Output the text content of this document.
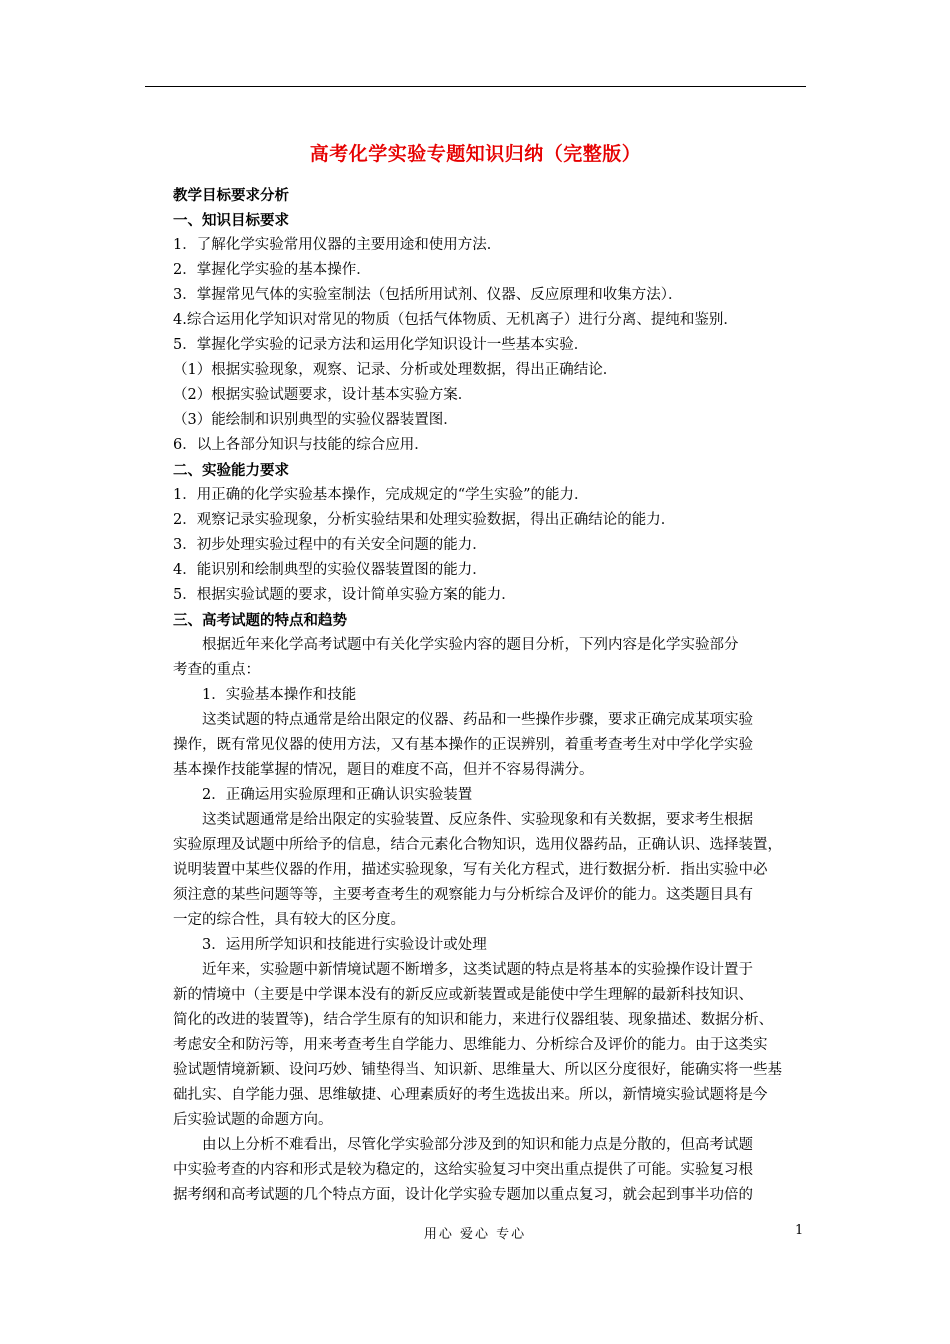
高考化学实验专题知识归纳（完整版）
教学目标要求分析
一、知识目标要求
1．了解化学实验常用仪器的主要用途和使用方法．
2．掌握化学实验的基本操作．
3．掌握常见气体的实验室制法（包括所用试剂、仪器、反应原理和收集方法）．
4.综合运用化学知识对常见的物质（包括气体物质、无机离子）进行分离、提纯和鉴别．
5．掌握化学实验的记录方法和运用化学知识设计一些基本实验．
（1）根据实验现象，观察、记录、分析或处理数据，得出正确结论．
（2）根据实验试题要求，设计基本实验方案．
（3）能绘制和识别典型的实验仪器装置图．
6．以上各部分知识与技能的综合应用．
二、实验能力要求
1．用正确的化学实验基本操作，完成规定的“学生实验”的能力．
2．观察记录实验现象，分析实验结果和处理实验数据，得出正确结论的能力．
3．初步处理实验过程中的有关安全问题的能力．
4．能识别和绘制典型的实验仪器装置图的能力．
5．根据实验试题的要求，设计简单实验方案的能力．
三、高考试题的特点和趋势
根据近年来化学高考试题中有关化学实验内容的题目分析，下列内容是化学实验部分
考查的重点：
1．实验基本操作和技能
这类试题的特点通常是给出限定的仪器、药品和一些操作步骤，要求正确完成某项实验
操作，既有常见仪器的使用方法，又有基本操作的正误辨别，着重考查考生对中学化学实验
基本操作技能掌握的情况，题目的难度不高，但并不容易得满分。
2．正确运用实验原理和正确认识实验装置
这类试题通常是给出限定的实验装置、反应条件、实验现象和有关数据，要求考生根据
实验原理及试题中所给予的信息，结合元素化合物知识，选用仪器药品，正确认识、选择装置，
说明装置中某些仪器的作用，描述实验现象，写有关化方程式，进行数据分析．指出实验中必
须注意的某些问题等等，主要考查考生的观察能力与分析综合及评价的能力。这类题目具有
一定的综合性，具有较大的区分度。
3．运用所学知识和技能进行实验设计或处理
近年来，实验题中新情境试题不断增多，这类试题的特点是将基本的实验操作设计置于
新的情境中（主要是中学课本没有的新反应或新装置或是能使中学生理解的最新科技知识、
简化的改进的装置等)，结合学生原有的知识和能力，来进行仪器组装、现象描述、数据分析、
考虑安全和防污等，用来考查考生自学能力、思维能力、分析综合及评价的能力。由于这类实
验试题情境新颖、设问巧妙、铺垫得当、知识新、思维量大、所以区分度很好，能确实将一些基
础扎实、自学能力强、思维敏捷、心理素质好的考生选拔出来。所以，新情境实验试题将是今
后实验试题的命题方向。
由以上分析不难看出，尽管化学实验部分涉及到的知识和能力点是分散的，但高考试题
中实验考查的内容和形式是较为稳定的，这给实验复习中突出重点提供了可能。实验复习根
据考纲和高考试题的几个特点方面，设计化学实验专题加以重点复习，就会起到事半功倍的
用心 爱心 专心	1
